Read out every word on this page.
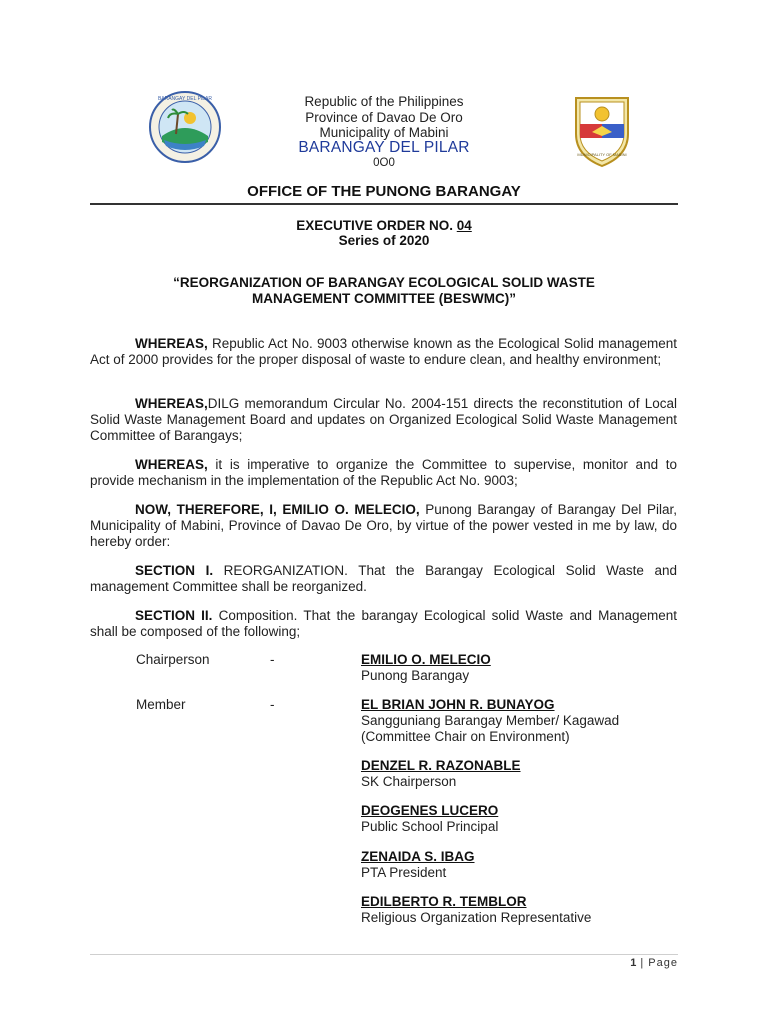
BARANGAY DEL PILAR
MUNICIPALITY OF MABINI
Republic of the Philippines
Province of Davao De Oro
Municipality of Mabini
BARANGAY DEL PILAR
0O0
OFFICE OF THE PUNONG BARANGAY
EXECUTIVE ORDER NO. 04
Series of 2020
“REORGANIZATION OF BARANGAY ECOLOGICAL SOLID WASTE
MANAGEMENT COMMITTEE (BESWMC)”
WHEREAS, Republic Act No. 9003 otherwise known as the Ecological Solid management Act of 2000 provides for the proper disposal of waste to endure clean, and healthy environment;
WHEREAS,DILG memorandum Circular No. 2004-151 directs the reconstitution of Local Solid Waste Management Board and updates on Organized Ecological Solid Waste Management Committee of Barangays;
WHEREAS, it is imperative to organize the Committee to supervise, monitor and to provide mechanism in the implementation of the Republic Act No. 9003;
NOW, THEREFORE, I, EMILIO O. MELECIO, Punong Barangay of Barangay Del Pilar, Municipality of Mabini, Province of Davao De Oro, by virtue of the power vested in me by law, do hereby order:
SECTION I. REORGANIZATION. That the Barangay Ecological Solid Waste and management Committee shall be reorganized.
SECTION II. Composition. That the barangay Ecological solid Waste and Management shall be composed of the following;
Chairperson	-	EMILIO O. MELECIO
Punong Barangay
Member	-	EL BRIAN JOHN R. BUNAYOG
Sangguniang Barangay Member/ Kagawad
(Committee Chair on Environment)
DENZEL R. RAZONABLE
SK Chairperson
DEOGENES LUCERO
Public School Principal
ZENAIDA S. IBAG
PTA President
EDILBERTO R. TEMBLOR
Religious Organization Representative
1 | Page
